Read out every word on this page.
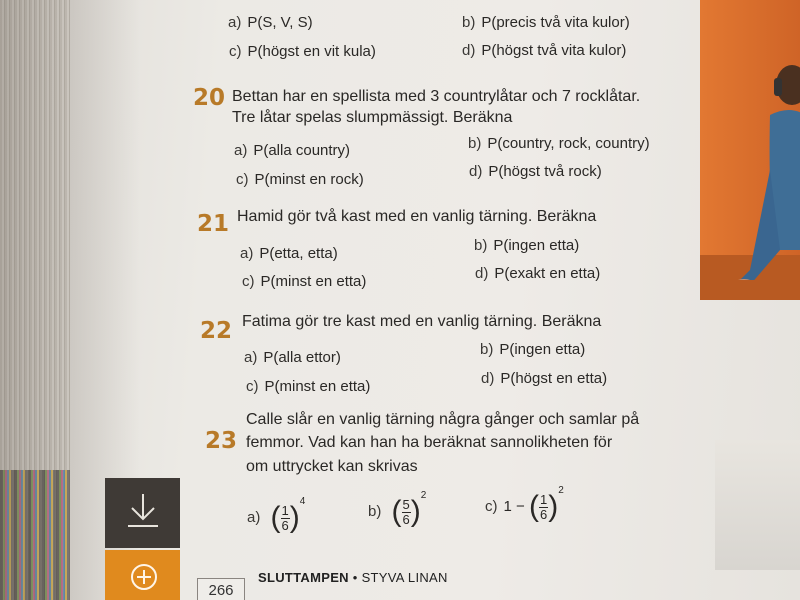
a) P(S, V, S)	b) P(precis två vita kulor)
c) P(högst en vit kula)	d) P(högst två vita kulor)
20 Bettan har en spellista med 3 countrylåtar och 7 rocklåtar.
Tre låtar spelas slumpmässigt. Beräkna
a) P(alla country)	b) P(country, rock, country)
c) P(minst en rock)	d) P(högst två rock)
21 Hamid gör två kast med en vanlig tärning. Beräkna
a) P(etta, etta)	b) P(ingen etta)
c) P(minst en etta)	d) P(exakt en etta)
22 Fatima gör tre kast med en vanlig tärning. Beräkna
a) P(alla ettor)	b) P(ingen etta)
c) P(minst en etta)	d) P(högst en etta)
23
Calle slår en vanlig tärning några gånger och samlar på
femmor. Vad kan han ha beräknat sannolikheten för
om uttrycket kan skrivas
a) ( $\frac{1}{6} )^4$
b) ( $\frac{5}{6} )^2$
c) 1 − ( $\frac{1}{6} )^2$
266
SLUTTAMPEN • STYVA LINAN
